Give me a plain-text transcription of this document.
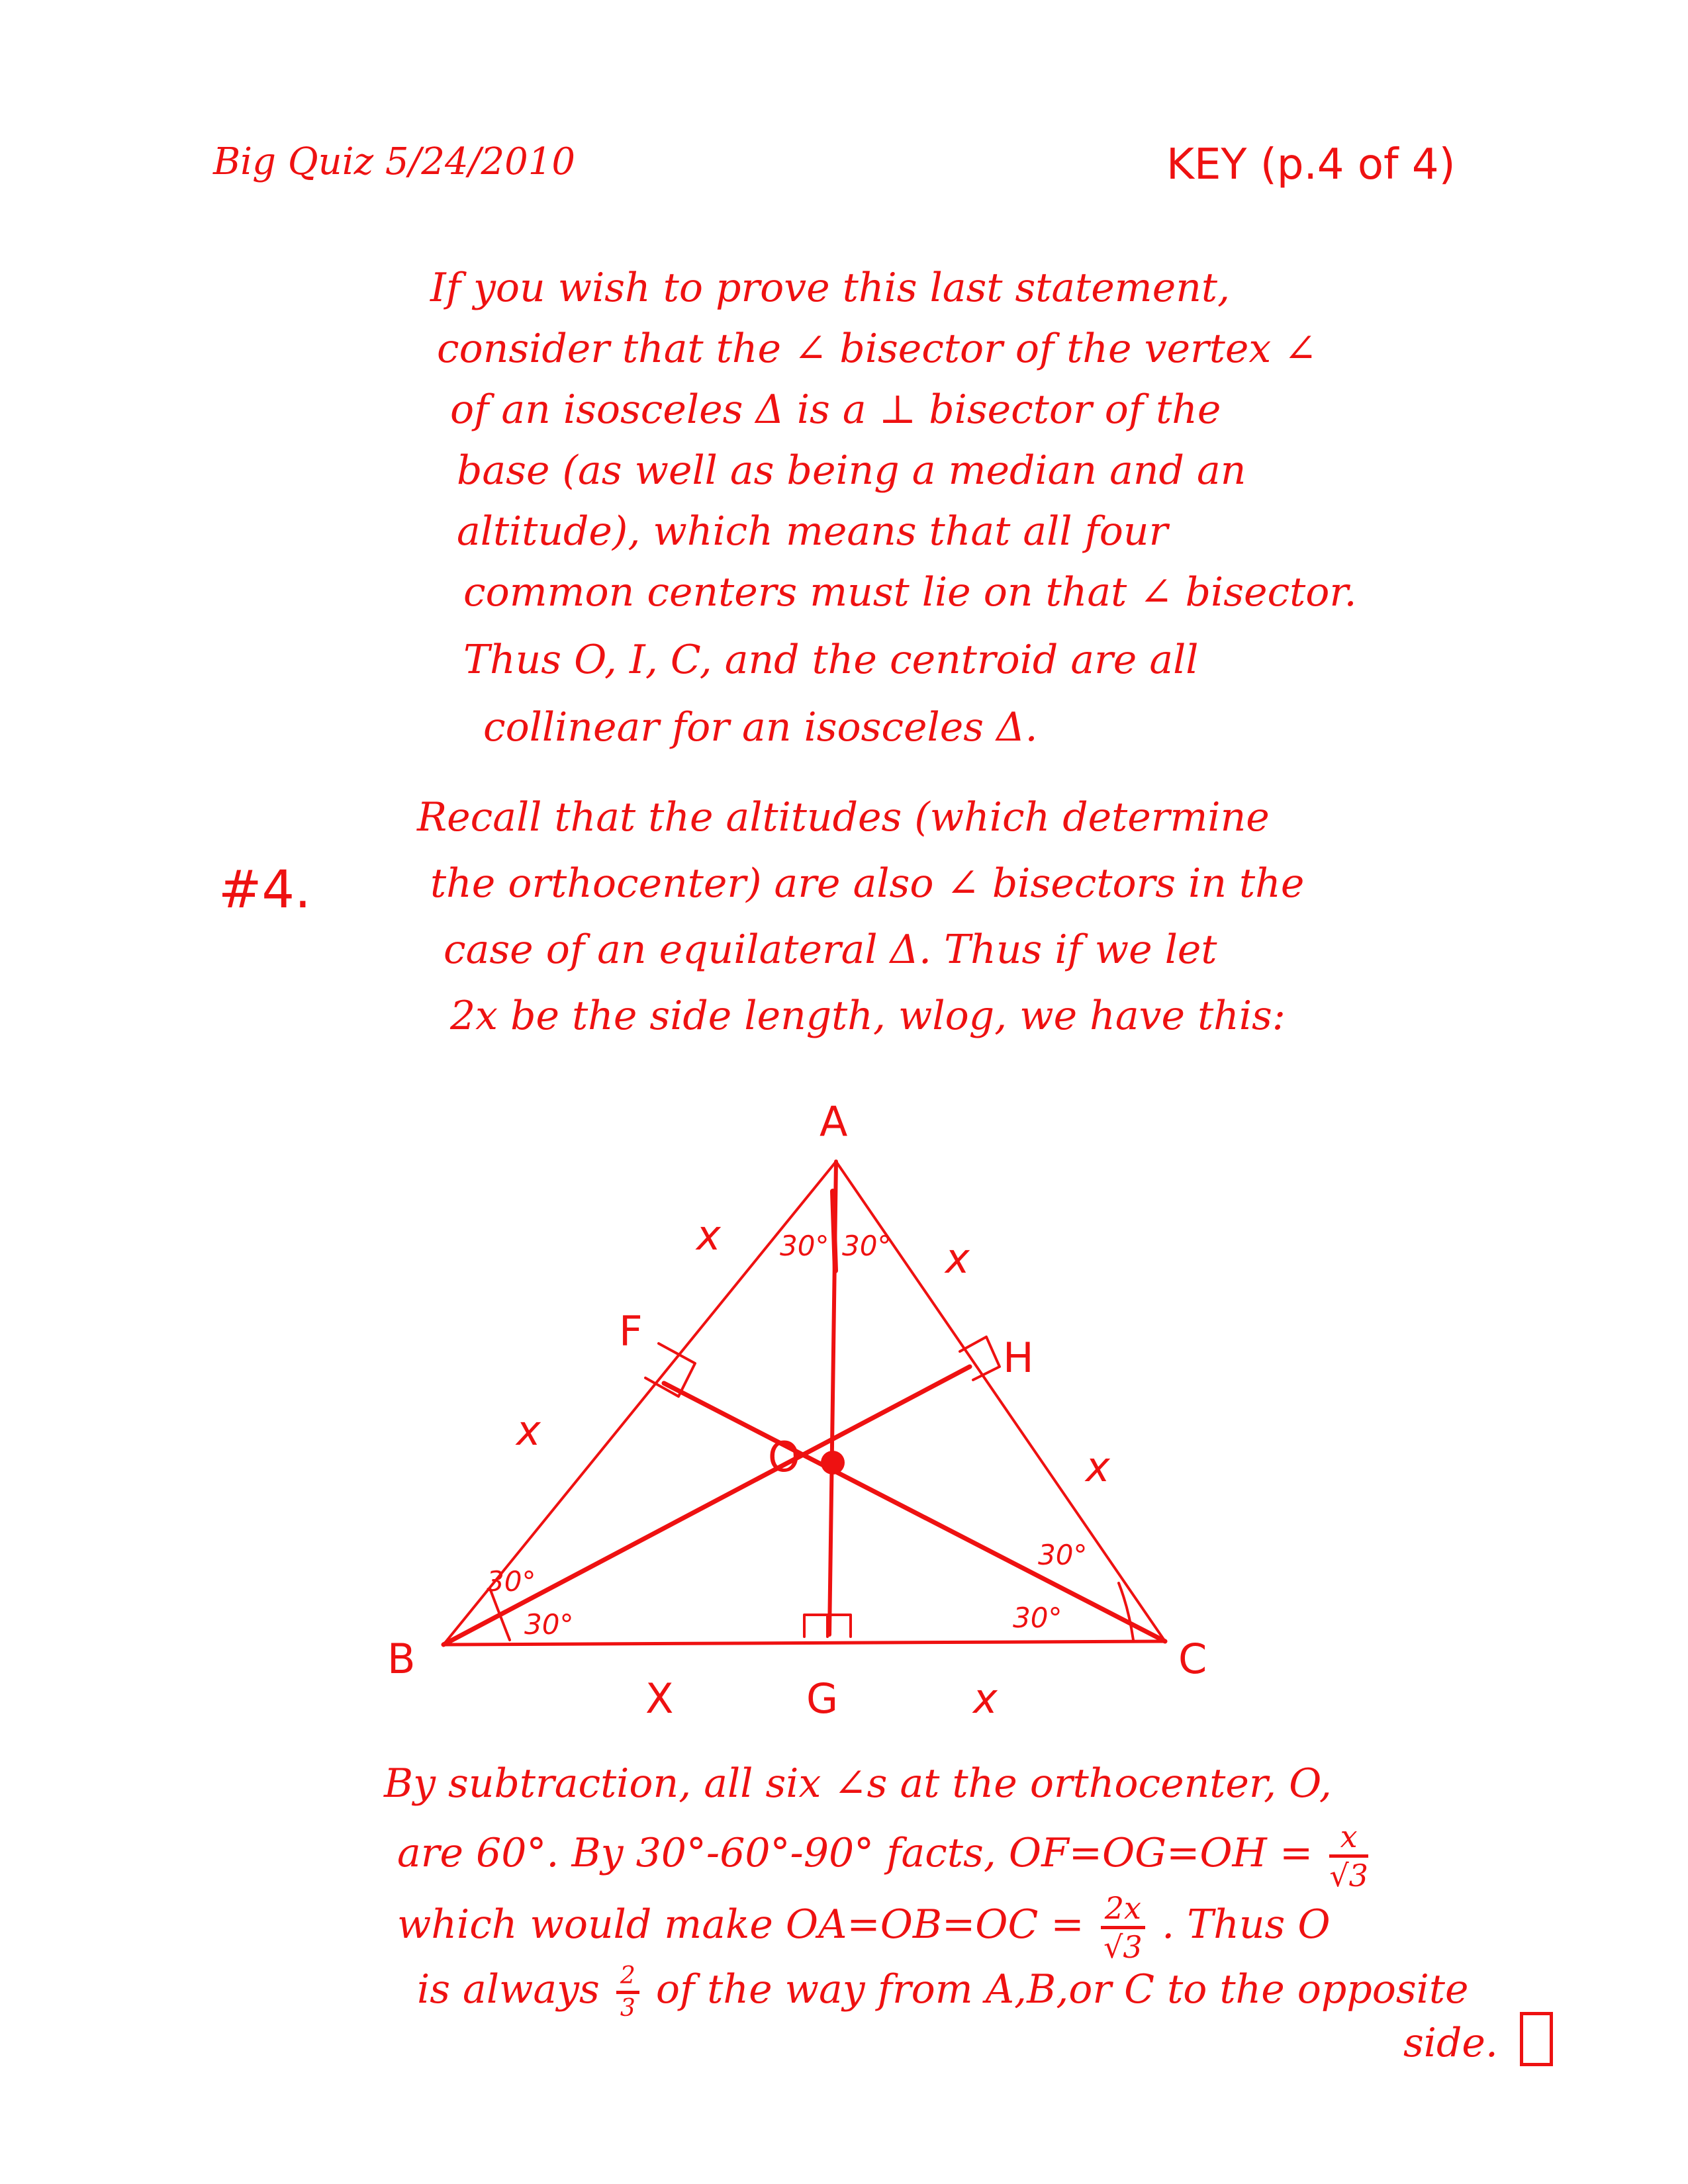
Big Quiz 5/24/2010	KEY (p.4 of 4)
If you wish to prove this last statement,
consider that the ∠ bisector of the vertex ∠
of an isosceles Δ is a ⊥ bisector of the
base (as well as being a median and an
altitude), which means that all four
common centers must lie on that ∠ bisector.
Thus O, I, C, and the centroid are all
collinear for an isosceles Δ.
#4.
Recall that the altitudes (which determine
the orthocenter) are also ∠ bisectors in the
case of an equilateral Δ. Thus if we let
2x be the side length, wlog, we have this:
A
B	C
F
G
H
O
x	x
x
x
X	x
30° 30°
30°
30°
30°
30°
By subtraction, all six ∠s at the orthocenter, O,
are 60°. By 30°-60°-90° facts, $OF=OG=OH = \frac{x}{√3}$
which would make $OA=OB=OC = \frac{2x}{√3}$ . Thus O
is always $\frac{2}{3}$ of the way from A,B,or C to the opposite
side.
